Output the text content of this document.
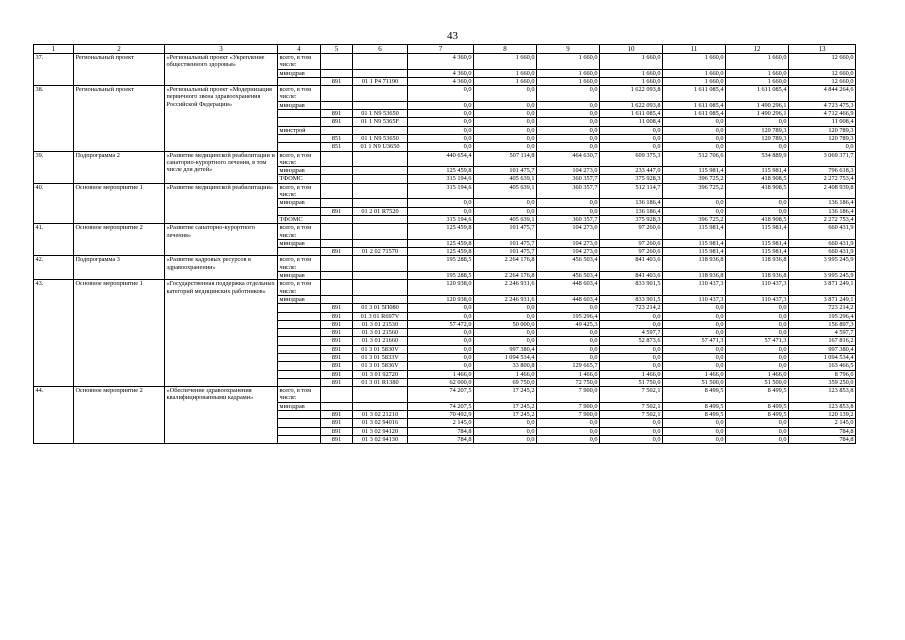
43
1	2	3	4	5	6	7	8	9	10	11	12	13
37.	Региональный проект	«Региональный проект «Укрепление общественного здоровья»	всего, в том числе:			4 360,0	1 660,0	1 660,0	1 660,0	1 660,0	1 660,0	12 660,0
			минздрав			4 360,0	1 660,0	1 660,0	1 660,0	1 660,0	1 660,0	12 660,0
				891	01 1 Р4 71190	4 360,0	1 660,0	1 660,0	1 660,0	1 660,0	1 660,0	12 660,0
38.	Региональный проект	«Региональный проект «Модернизация первичного звена здравоохранения Российской Федерации»	всего, в том числе:			0,0	0,0	0,0	1 622 093,8	1 611 085,4	1 611 085,4	4 844 264,6
			минздрав			0,0	0,0	0,0	1 622 093,8	1 611 085,4	1 490 296,1	4 723 475,3
				891	01 1 N9 53650	0,0	0,0	0,0	1 611 085,4	1 611 085,4	1 490 296,1	4 712 466,9
				891	01 1 N9 5365F	0,0	0,0	0,0	11 008,4	0,0	0,0	11 008,4
			минстрой			0,0	0,0	0,0	0,0	0,0	120 789,3	120 789,3
				851	01 1 N9 53650	0,0	0,0	0,0	0,0	0,0	120 789,3	120 789,3
				851	01 1 N9 U3650	0,0	0,0	0,0	0,0	0,0	0,0	0,0
39.	Подпрограмма 2	«Развитие медицинской реабилитации и санаторно-курортного лечения, в том числе для детей»	всего, в том числе:			440 654,4	507 114,8	464 630,7	609 375,3	512 706,6	534 889,9	3 069 371,7
			минздрав			125 459,8	101 475,7	104 273,0	233 447,0	115 981,4	115 981,4	796 618,3
			ТФОМС			315 194,6	405 639,1	360 357,7	375 928,3	396 725,2	418 908,5	2 272 753,4
40.	Основное мероприятие 1	«Развитие медицинской реабилитации»	всего, в том числе:			315 194,6	405 639,1	360 357,7	512 114,7	396 725,2	418 908,5	2 408 939,8
			минздрав			0,0	0,0	0,0	136 186,4	0,0	0,0	136 186,4
				891	01 2 01 R7520	0,0	0,0	0,0	136 186,4	0,0	0,0	136 186,4
			ТФОМС			315 194,6	405 639,1	360 357,7	375 928,3	396 725,2	418 908,5	2 272 753,4
41.	Основное мероприятие 2	«Развитие санаторно-курортного лечения»	всего, в том числе:			125 459,8	101 475,7	104 273,0	97 260,6	115 981,4	115 981,4	660 431,9
			минздрав			125 459,8	101 475,7	104 273,0	97 260,6	115 981,4	115 981,4	660 431,9
				891	01 2 02 71570	125 459,8	101 475,7	104 273,0	97 260,6	115 981,4	115 981,4	660 431,9
42.	Подпрограмма 3	«Развитие кадровых ресурсов в здравоохранении»	всего, в том числе:			195 288,5	2 264 176,8	456 503,4	841 403,6	118 936,8	118 936,8	3 995 245,9
			минздрав			195 288,5	2 264 176,8	456 503,4	841 403,6	118 936,8	118 936,8	3 995 245,9
43.	Основное мероприятие 1	«Государственная поддержка отдельных категорий медицинских работников»	всего, в том числе:			120 938,0	2 246 931,6	448 603,4	833 901,5	110 437,3	110 437,3	3 871 249,1
			минздрав			120 938,0	2 246 931,6	448 603,4	833 901,5	110 437,3	110 437,3	3 871 249,1
				891	01 3 01 5П080	0,0	0,0	0,0	723 214,2	0,0	0,0	723 214,2
				891	01 3 01 R697V	0,0	0,0	195 296,4	0,0	0,0	0,0	195 296,4
				891	01 3 01 21530	57 472,0	50 000,0	49 425,3	0,0	0,0	0,0	156 897,3
				891	01 3 01 21560	0,0	0,0	0,0	4 597,7	0,0	0,0	4 597,7
				891	01 3 01 21660	0,0	0,0	0,0	52 873,6	57 471,3	57 471,3	167 816,2
				891	01 3 01 5830V	0,0	997 380,4	0,0	0,0	0,0	0,0	997 380,4
				891	01 3 01 5833V	0,0	1 094 534,4	0,0	0,0	0,0	0,0	1 094 534,4
				891	01 3 01 5836V	0,0	33 800,8	129 665,7	0,0	0,0	0,0	163 466,5
				891	01 3 01 92720	1 466,0	1 466,0	1 466,0	1 466,0	1 466,0	1 466,0	8 796,0
				891	01 3 01 R1380	62 000,0	69 750,0	72 750,0	51 750,0	51 500,0	51 500,0	359 250,0
44.	Основное мероприятие 2	«Обеспечение здравоохранения квалифицированными кадрами»	всего, в том числе:			74 207,5	17 245,2	7 900,0	7 502,1	8 499,5	8 499,5	123 853,8
			минздрав			74 207,5	17 245,2	7 900,0	7 502,1	8 499,5	8 499,5	123 853,8
				891	01 3 02 21210	70 492,9	17 245,2	7 900,0	7 502,1	8 499,5	8 499,5	120 139,2
				891	01 3 02 94016	2 145,0	0,0	0,0	0,0	0,0	0,0	2 145,0
				891	01 3 02 94120	784,8	0,0	0,0	0,0	0,0	0,0	784,8
				891	01 3 02 94130	784,8	0,0	0,0	0,0	0,0	0,0	784,8
